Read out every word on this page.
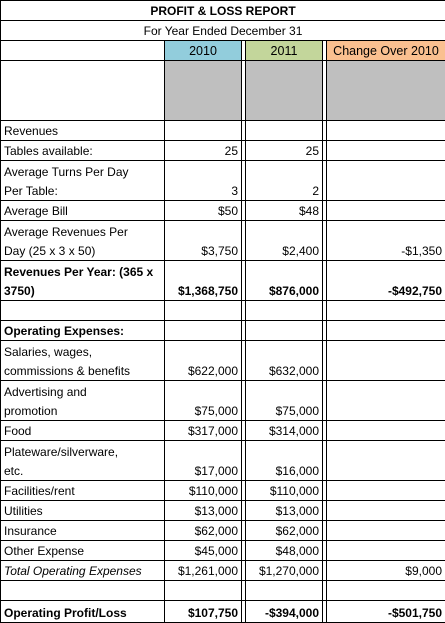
PROFIT & LOSS REPORT					
For Year Ended December 31					
	2010		2011		Change Over 2010

Revenues					
Tables available:	25		25		
Average Turns Per Day					
Per Table:	3		2		
Average Bill	$50		$48		
Average Revenues Per					
Day (25 x 3 x 50)	$3,750		$2,400		-$1,350
Revenues Per Year: (365 x					
3750)	$1,368,750		$876,000		-$492,750

Operating Expenses:					
Salaries, wages,					
commissions & benefits	$622,000		$632,000		
Advertising and					
promotion	$75,000		$75,000		
Food	$317,000		$314,000		
Plateware/silverware,					
etc.	$17,000		$16,000		
Facilities/rent	$110,000		$110,000		
Utilities	$13,000		$13,000		
Insurance	$62,000		$62,000		
Other Expense	$45,000		$48,000		
Total Operating Expenses	$1,261,000		$1,270,000		$9,000

Operating Profit/Loss	$107,750		-$394,000		-$501,750
